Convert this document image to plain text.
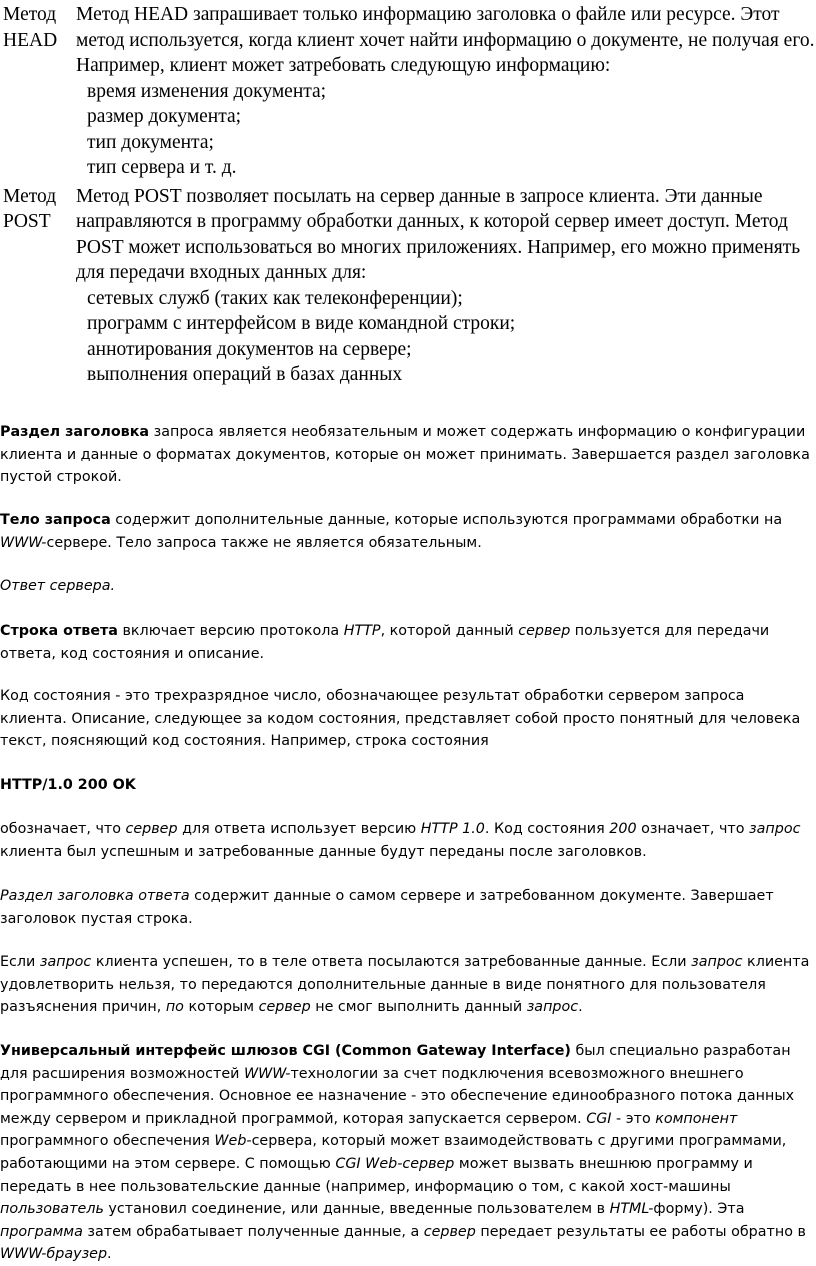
Метод
HEAD
Метод HEAD запрашивает только информацию заголовка о файле или ресурсе. Этот метод используется, когда клиент хочет найти информацию о документе, не получая его. Например, клиент может затребовать следующую информацию:
время изменения документа;
размер документа;
тип документа;
тип сервера и т. д.
Метод
POST
Метод POST позволяет посылать на сервер данные в запросе клиента. Эти данные направляются в программу обработки данных, к которой сервер имеет доступ. Метод POST может использоваться во многих приложениях. Например, его можно применять для передачи входных данных для:
сетевых служб (таких как телеконференции);
программ с интерфейсом в виде командной строки;
аннотирования документов на сервере;
выполнения операций в базах данных

Раздел заголовка запроса является необязательным и может содержать информацию о конфигурации клиента и данные о форматах документов, которые он может принимать. Завершается раздел заголовка пустой строкой.

Тело запроса содержит дополнительные данные, которые используются программами обработки на WWW-сервере. Тело запроса также не является обязательным.

Ответ сервера.

Строка ответа включает версию протокола HTTP, которой данный сервер пользуется для передачи ответа, код состояния и описание.

Код состояния - это трехразрядное число, обозначающее результат обработки сервером запроса клиента. Описание, следующее за кодом состояния, представляет собой просто понятный для человека текст, поясняющий код состояния. Например, строка состояния

HTTP/1.0 200 OK

обозначает, что сервер для ответа использует версию HTTP 1.0. Код состояния 200 означает, что запрос клиента был успешным и затребованные данные будут переданы после заголовков.

Раздел заголовка ответа содержит данные о самом сервере и затребованном документе. Завершает заголовок пустая строка.

Если запрос клиента успешен, то в теле ответа посылаются затребованные данные. Если запрос клиента удовлетворить нельзя, то передаются дополнительные данные в виде понятного для пользователя разъяснения причин, по которым сервер не смог выполнить данный запрос.

Универсальный интерфейс шлюзов CGI (Common Gateway Interface) был специально разработан для расширения возможностей WWW-технологии за счет подключения всевозможного внешнего программного обеспечения. Основное ее назначение - это обеспечение единообразного потока данных между сервером и прикладной программой, которая запускается сервером. CGI - это компонент программного обеспечения Web-сервера, который может взаимодействовать с другими программами, работающими на этом сервере. С помощью CGI Web-сервер может вызвать внешнюю программу и передать в нее пользовательские данные (например, информацию о том, с какой хост-машины пользователь установил соединение, или данные, введенные пользователем в HTML-форму). Эта программа затем обрабатывает полученные данные, а сервер передает результаты ее работы обратно в WWW-браузер.
